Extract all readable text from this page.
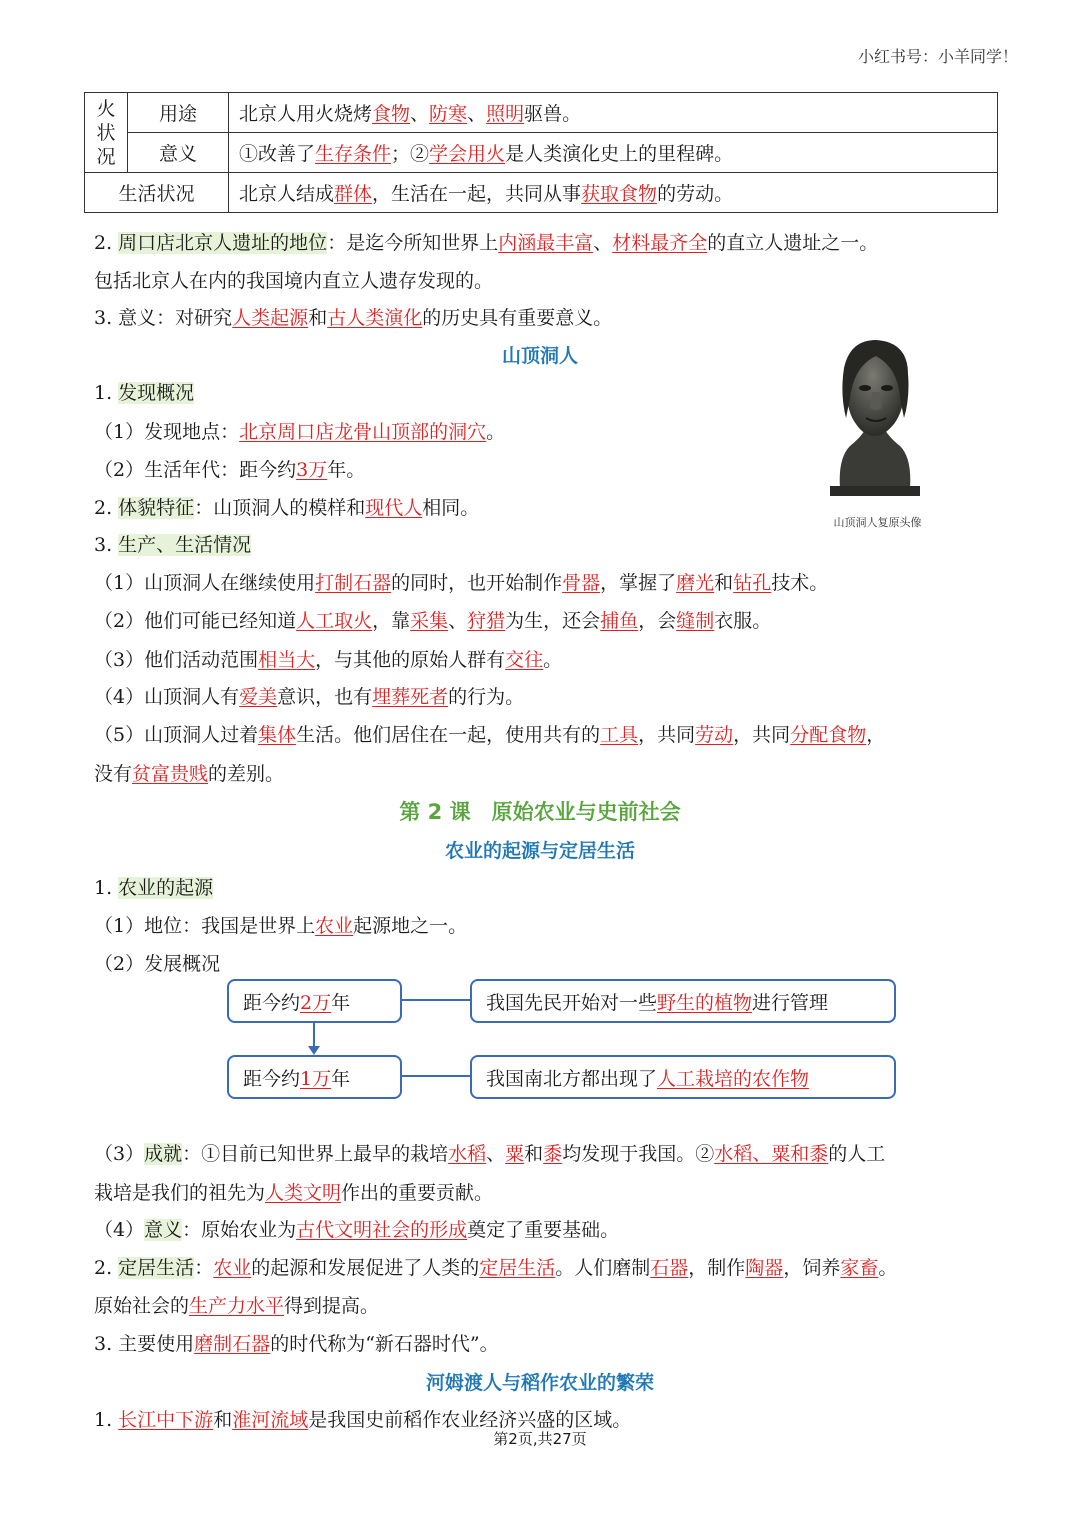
小红书号：小羊同学！
火状况	用途	北京人用火烧烤食物、防寒、照明驱兽。
	意义	①改善了生存条件；②学会用火是人类演化史上的里程碑。
生活状况		北京人结成群体，生活在一起，共同从事获取食物的劳动。
2. 周口店北京人遗址的地位：是迄今所知世界上内涵最丰富、材料最齐全的直立人遗址之一。
包括北京人在内的我国境内直立人遗存发现的。
3. 意义：对研究人类起源和古人类演化的历史具有重要意义。
1. 发现概况
（1）发现地点：北京周口店龙骨山顶部的洞穴。
（2）生活年代：距今约3万年。
2. 体貌特征：山顶洞人的模样和现代人相同。
3. 生产、生活情况
（1）山顶洞人在继续使用打制石器的同时，也开始制作骨器，掌握了磨光和钻孔技术。
（2）他们可能已经知道人工取火，靠采集、狩猎为生，还会捕鱼，会缝制衣服。
（3）他们活动范围相当大，与其他的原始人群有交往。
（4）山顶洞人有爱美意识，也有埋葬死者的行为。
（5）山顶洞人过着集体生活。他们居住在一起，使用共有的工具，共同劳动，共同分配食物，
没有贫富贵贱的差别。
1. 农业的起源
（1）地位：我国是世界上农业起源地之一。
（2）发展概况
（3）成就：①目前已知世界上最早的栽培水稻、粟和黍均发现于我国。②水稻、粟和黍的人工
栽培是我们的祖先为人类文明作出的重要贡献。
（4）意义：原始农业为古代文明社会的形成奠定了重要基础。
2. 定居生活：农业的起源和发展促进了人类的定居生活。人们磨制石器，制作陶器，饲养家畜。
原始社会的生产力水平得到提高。
3. 主要使用磨制石器的时代称为“新石器时代”。
1. 长江中下游和淮河流域是我国史前稻作农业经济兴盛的区域。
山顶洞人
第 2 课　原始农业与史前社会
农业的起源与定居生活
河姆渡人与稻作农业的繁荣
山顶洞人复原头像
距今约 2万 年
距今约 1万 年
我国先民开始对一些 野生的植物 进行管理
我国南北方都出现了 人工栽培的农作物
第2页,共27页
